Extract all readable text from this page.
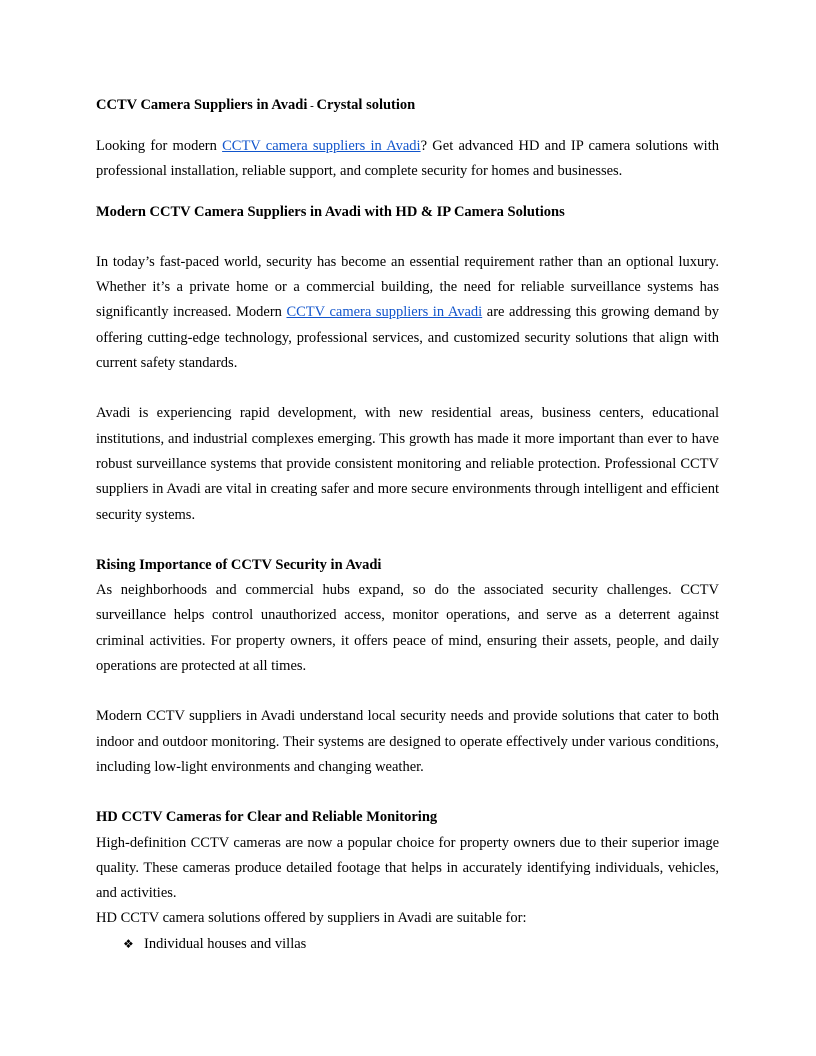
CCTV Camera Suppliers in Avadi - Crystal solution

Looking for modern CCTV camera suppliers in Avadi? Get advanced HD and IP camera solutions with professional installation, reliable support, and complete security for homes and businesses.

Modern CCTV Camera Suppliers in Avadi with HD & IP Camera Solutions

In today’s fast-paced world, security has become an essential requirement rather than an optional luxury. Whether it’s a private home or a commercial building, the need for reliable surveillance systems has significantly increased. Modern CCTV camera suppliers in Avadi are addressing this growing demand by offering cutting-edge technology, professional services, and customized security solutions that align with current safety standards.

Avadi is experiencing rapid development, with new residential areas, business centers, educational institutions, and industrial complexes emerging. This growth has made it more important than ever to have robust surveillance systems that provide consistent monitoring and reliable protection. Professional CCTV suppliers in Avadi are vital in creating safer and more secure environments through intelligent and efficient security systems.

Rising Importance of CCTV Security in Avadi

As neighborhoods and commercial hubs expand, so do the associated security challenges. CCTV surveillance helps control unauthorized access, monitor operations, and serve as a deterrent against criminal activities. For property owners, it offers peace of mind, ensuring their assets, people, and daily operations are protected at all times.

Modern CCTV suppliers in Avadi understand local security needs and provide solutions that cater to both indoor and outdoor monitoring. Their systems are designed to operate effectively under various conditions, including low-light environments and changing weather.

HD CCTV Cameras for Clear and Reliable Monitoring

High-definition CCTV cameras are now a popular choice for property owners due to their superior image quality. These cameras produce detailed footage that helps in accurately identifying individuals, vehicles, and activities.

HD CCTV camera solutions offered by suppliers in Avadi are suitable for:

❖ Individual houses and villas
